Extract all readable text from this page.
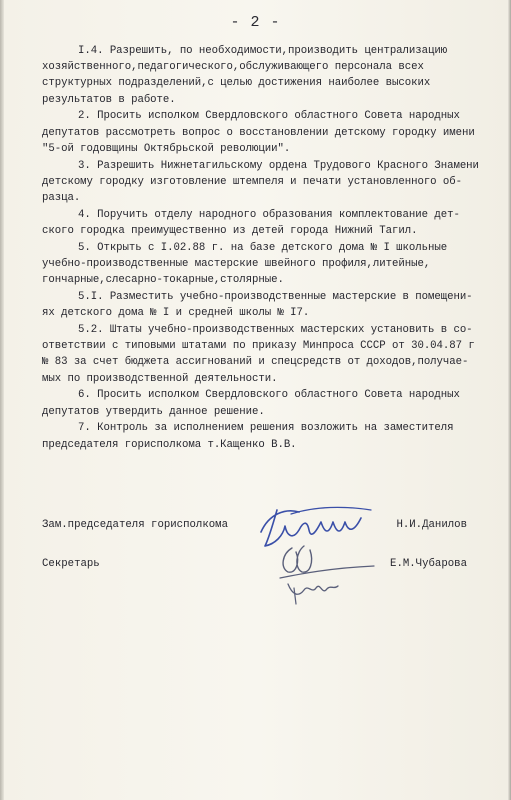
- 2 -
I.4. Разрешить, по необходимости,производить централизацию
хозяйственного,педагогического,обслуживающего персонала всех
структурных подразделений,с целью достижения наиболее высоких
результатов в работе.
2. Просить исполком Свердловского областного Совета народных
депутатов рассмотреть вопрос о восстановлении детскому городку имени
"5-ой годовщины Октябрьской революции".
3. Разрешить Нижнетагильскому ордена Трудового Красного Знамени
детскому городку изготовление штемпеля и печати установленного об-
разца.
4. Поручить отделу народного образования комплектование дет-
ского городка преимущественно из детей города Нижний Тагил.
5. Открыть с I.02.88 г. на базе детского дома № I школьные
учебно-производственные мастерские швейного профиля,литейные,
гончарные,слесарно-токарные,столярные.
5.I. Разместить учебно-производственные мастерские в помещени-
ях детского дома № I и средней школы № I7.
5.2. Штаты учебно-производственных мастерских установить в со-
ответствии с типовыми штатами по приказу Минпроса СССР от 30.04.87 г
№ 83 за счет бюджета ассигнований и спецсредств от доходов,получае-
мых по производственной деятельности.
6. Просить исполком Свердловского областного Совета народных
депутатов утвердить данное решение.
7. Контроль за исполнением решения возложить на заместителя
председателя горисполкома т.Кащенко В.В.
Зам.председателя горисполкома	Н.И.Данилов
Секретарь	Е.М.Чубарова
